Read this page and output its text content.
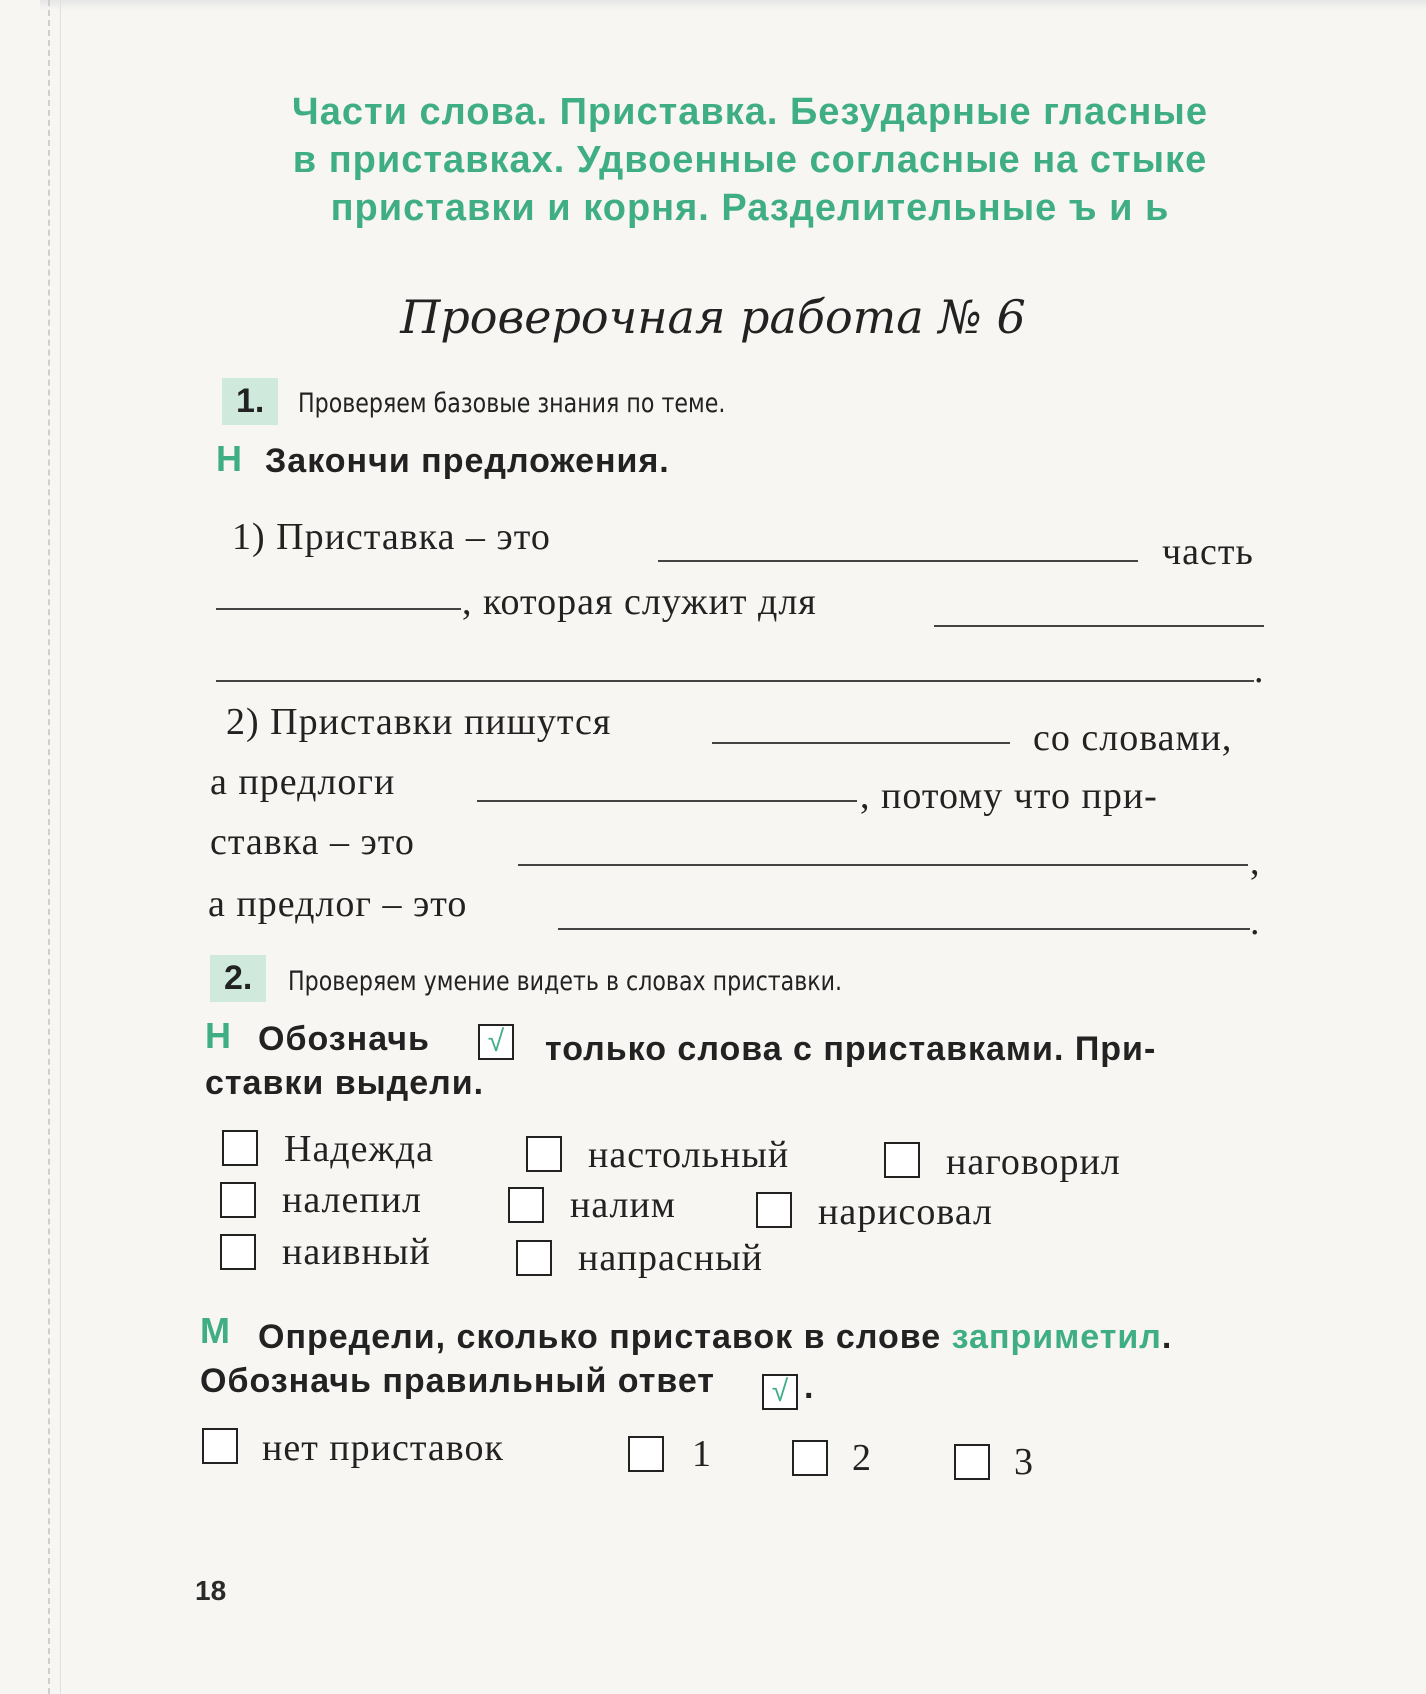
Части слова. Приставка. Безударные гласные
в приставках. Удвоенные согласные на стыке
приставки и корня. Разделительные ъ и ь
Проверочная работа № 6
1.	Проверяем базовые знания по теме.
Н Закончи предложения.
1) Приставка – это	часть
, которая служит для
.
2) Приставки пишутся	со словами,
а предлоги	, потому что при-
ставка – это	,
а предлог – это	.
2.	Проверяем умение видеть в словах приставки.
Н Обозначь	√ только слова с приставками. При-
ставки выдели.
Надежда	настольный	наговорил
налепил	налим	нарисовал
наивный	напрасный
М Определи, сколько приставок в слове заприметил.
Обозначь правильный ответ	√ .
нет приставок	1	2	3
18
